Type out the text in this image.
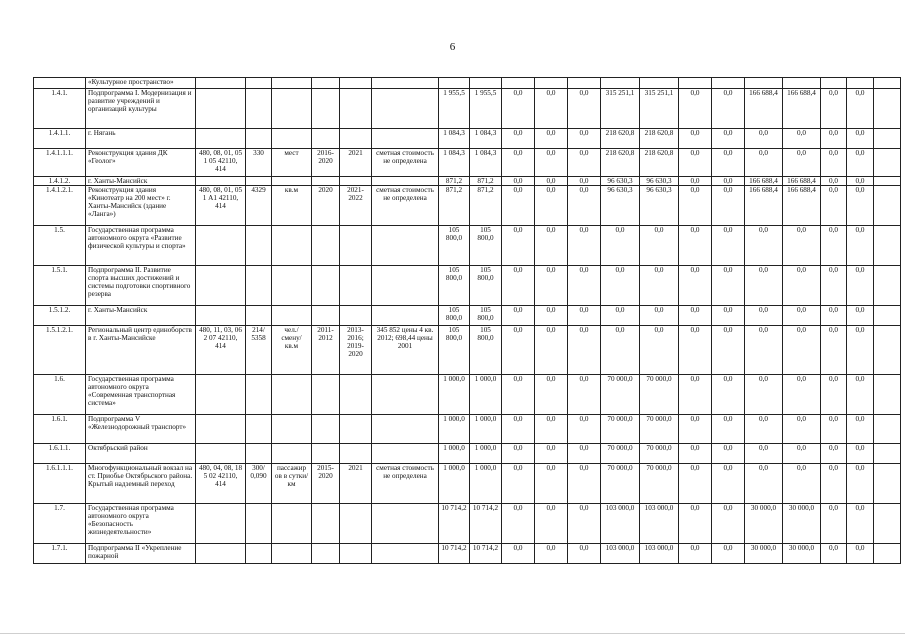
6
	«Культурное пространство»																				
1.4.1.	Подпрограмма I. Модернизация и развитие учреждений и организаций культуры							1 955,5	1 955,5	0,0	0,0	0,0	315 251,1	315 251,1	0,0	0,0	166 688,4	166 688,4	0,0	0,0	
1.4.1.1.	г. Нягань							1 084,3	1 084,3	0,0	0,0	0,0	218 620,8	218 620,8	0,0	0,0	0,0	0,0	0,0	0,0	
1.4.1.1.1.	Реконструкция здания ДК «Геолог»	480, 08, 01, 05 1 05 42110, 414	330	мест	2016-2020	2021	сметная стоимость не определена	1 084,3	1 084,3	0,0	0,0	0,0	218 620,8	218 620,8	0,0	0,0	0,0	0,0	0,0	0,0	
1.4.1.2.	г. Ханты-Мансийск							871,2	871,2	0,0	0,0	0,0	96 630,3	96 630,3	0,0	0,0	166 688,4	166 688,4	0,0	0,0	
1.4.1.2.1.	Реконструкция здания «Кинотеатр на 200 мест» г. Ханты-Мансийск (здание «Ланга»)	480, 08, 01, 05 1 А1 42110, 414	4329	кв.м	2020	2021-2022	сметная стоимость не определена	871,2	871,2	0,0	0,0	0,0	96 630,3	96 630,3	0,0	0,0	166 688,4	166 688,4	0,0	0,0	
1.5.	Государственная программа автономного округа «Развитие физической культуры и спорта»							105 800,0	105 800,0	0,0	0,0	0,0	0,0	0,0	0,0	0,0	0,0	0,0	0,0	0,0	
1.5.1.	Подпрограмма II. Развитие спорта высших достижений и системы подготовки спортивного резерва							105 800,0	105 800,0	0,0	0,0	0,0	0,0	0,0	0,0	0,0	0,0	0,0	0,0	0,0	
1.5.1.2.	г. Ханты-Мансийск							105 800,0	105 800,0	0,0	0,0	0,0	0,0	0,0	0,0	0,0	0,0	0,0	0,0	0,0	
1.5.1.2.1.	Региональный центр единоборств в г. Ханты-Мансийске	480, 11, 03, 06 2 07 42110, 414	214/ 5358	чел./ смену/ кв.м	2011-2012	2013-2016; 2019-2020	345 852 цены 4 кв. 2012; 698,44 цены 2001	105 800,0	105 800,0	0,0	0,0	0,0	0,0	0,0	0,0	0,0	0,0	0,0	0,0	0,0	
1.6.	Государственная программа автономного округа «Современная транспортная система»							1 000,0	1 000,0	0,0	0,0	0,0	70 000,0	70 000,0	0,0	0,0	0,0	0,0	0,0	0,0	
1.6.1.	Подпрограмма V «Железнодорожный транспорт»							1 000,0	1 000,0	0,0	0,0	0,0	70 000,0	70 000,0	0,0	0,0	0,0	0,0	0,0	0,0	
1.6.1.1.	Октябрьский район							1 000,0	1 000,0	0,0	0,0	0,0	70 000,0	70 000,0	0,0	0,0	0,0	0,0	0,0	0,0	
1.6.1.1.1.	Многофункциональный вокзал на ст. Приобье Октябрьского района. Крытый надземный переход	480, 04, 08, 18 5 02 42110, 414	300/ 0,090	пассажир ов в сутки/ км	2015-2020	2021	сметная стоимость не определена	1 000,0	1 000,0	0,0	0,0	0,0	70 000,0	70 000,0	0,0	0,0	0,0	0,0	0,0	0,0	
1.7.	Государственная программа автономного округа «Безопасность жизнедеятельности»							10 714,2	10 714,2	0,0	0,0	0,0	103 000,0	103 000,0	0,0	0,0	30 000,0	30 000,0	0,0	0,0	
1.7.1.	Подпрограмма II «Укрепление пожарной							10 714,2	10 714,2	0,0	0,0	0,0	103 000,0	103 000,0	0,0	0,0	30 000,0	30 000,0	0,0	0,0	
